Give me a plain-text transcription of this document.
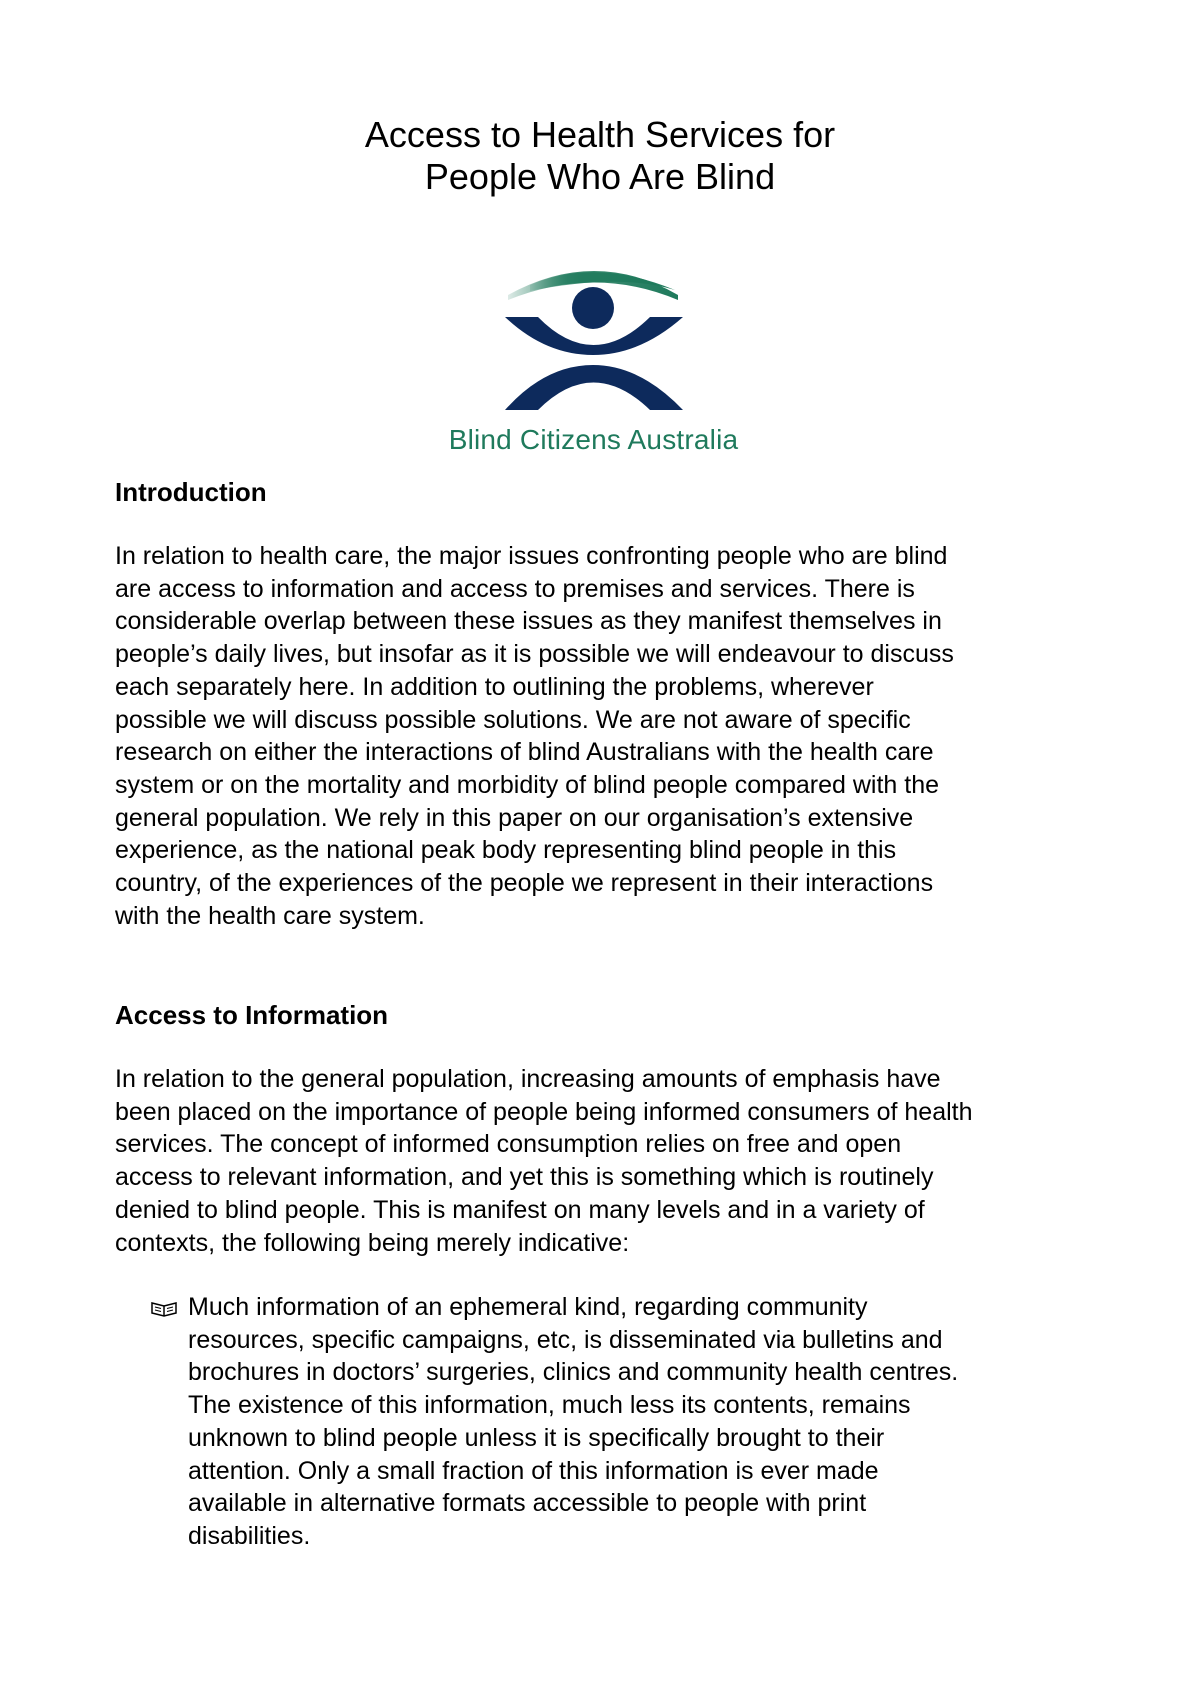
Access to Health Services for
People Who Are Blind
Blind Citizens Australia
Introduction

In relation to health care, the major issues confronting people who are blind
are access to information and access to premises and services. There is
considerable overlap between these issues as they manifest themselves in
people’s daily lives, but insofar as it is possible we will endeavour to discuss
each separately here. In addition to outlining the problems, wherever
possible we will discuss possible solutions. We are not aware of specific
research on either the interactions of blind Australians with the health care
system or on the mortality and morbidity of blind people compared with the
general population. We rely in this paper on our organisation’s extensive
experience, as the national peak body representing blind people in this
country, of the experiences of the people we represent in their interactions
with the health care system.

Access to Information

In relation to the general population, increasing amounts of emphasis have
been placed on the importance of people being informed consumers of health
services. The concept of informed consumption relies on free and open
access to relevant information, and yet this is something which is routinely
denied to blind people. This is manifest on many levels and in a variety of
contexts, the following being merely indicative:

Much information of an ephemeral kind, regarding community
resources, specific campaigns, etc, is disseminated via bulletins and
brochures in doctors’ surgeries, clinics and community health centres.
The existence of this information, much less its contents, remains
unknown to blind people unless it is specifically brought to their
attention. Only a small fraction of this information is ever made
available in alternative formats accessible to people with print
disabilities.
